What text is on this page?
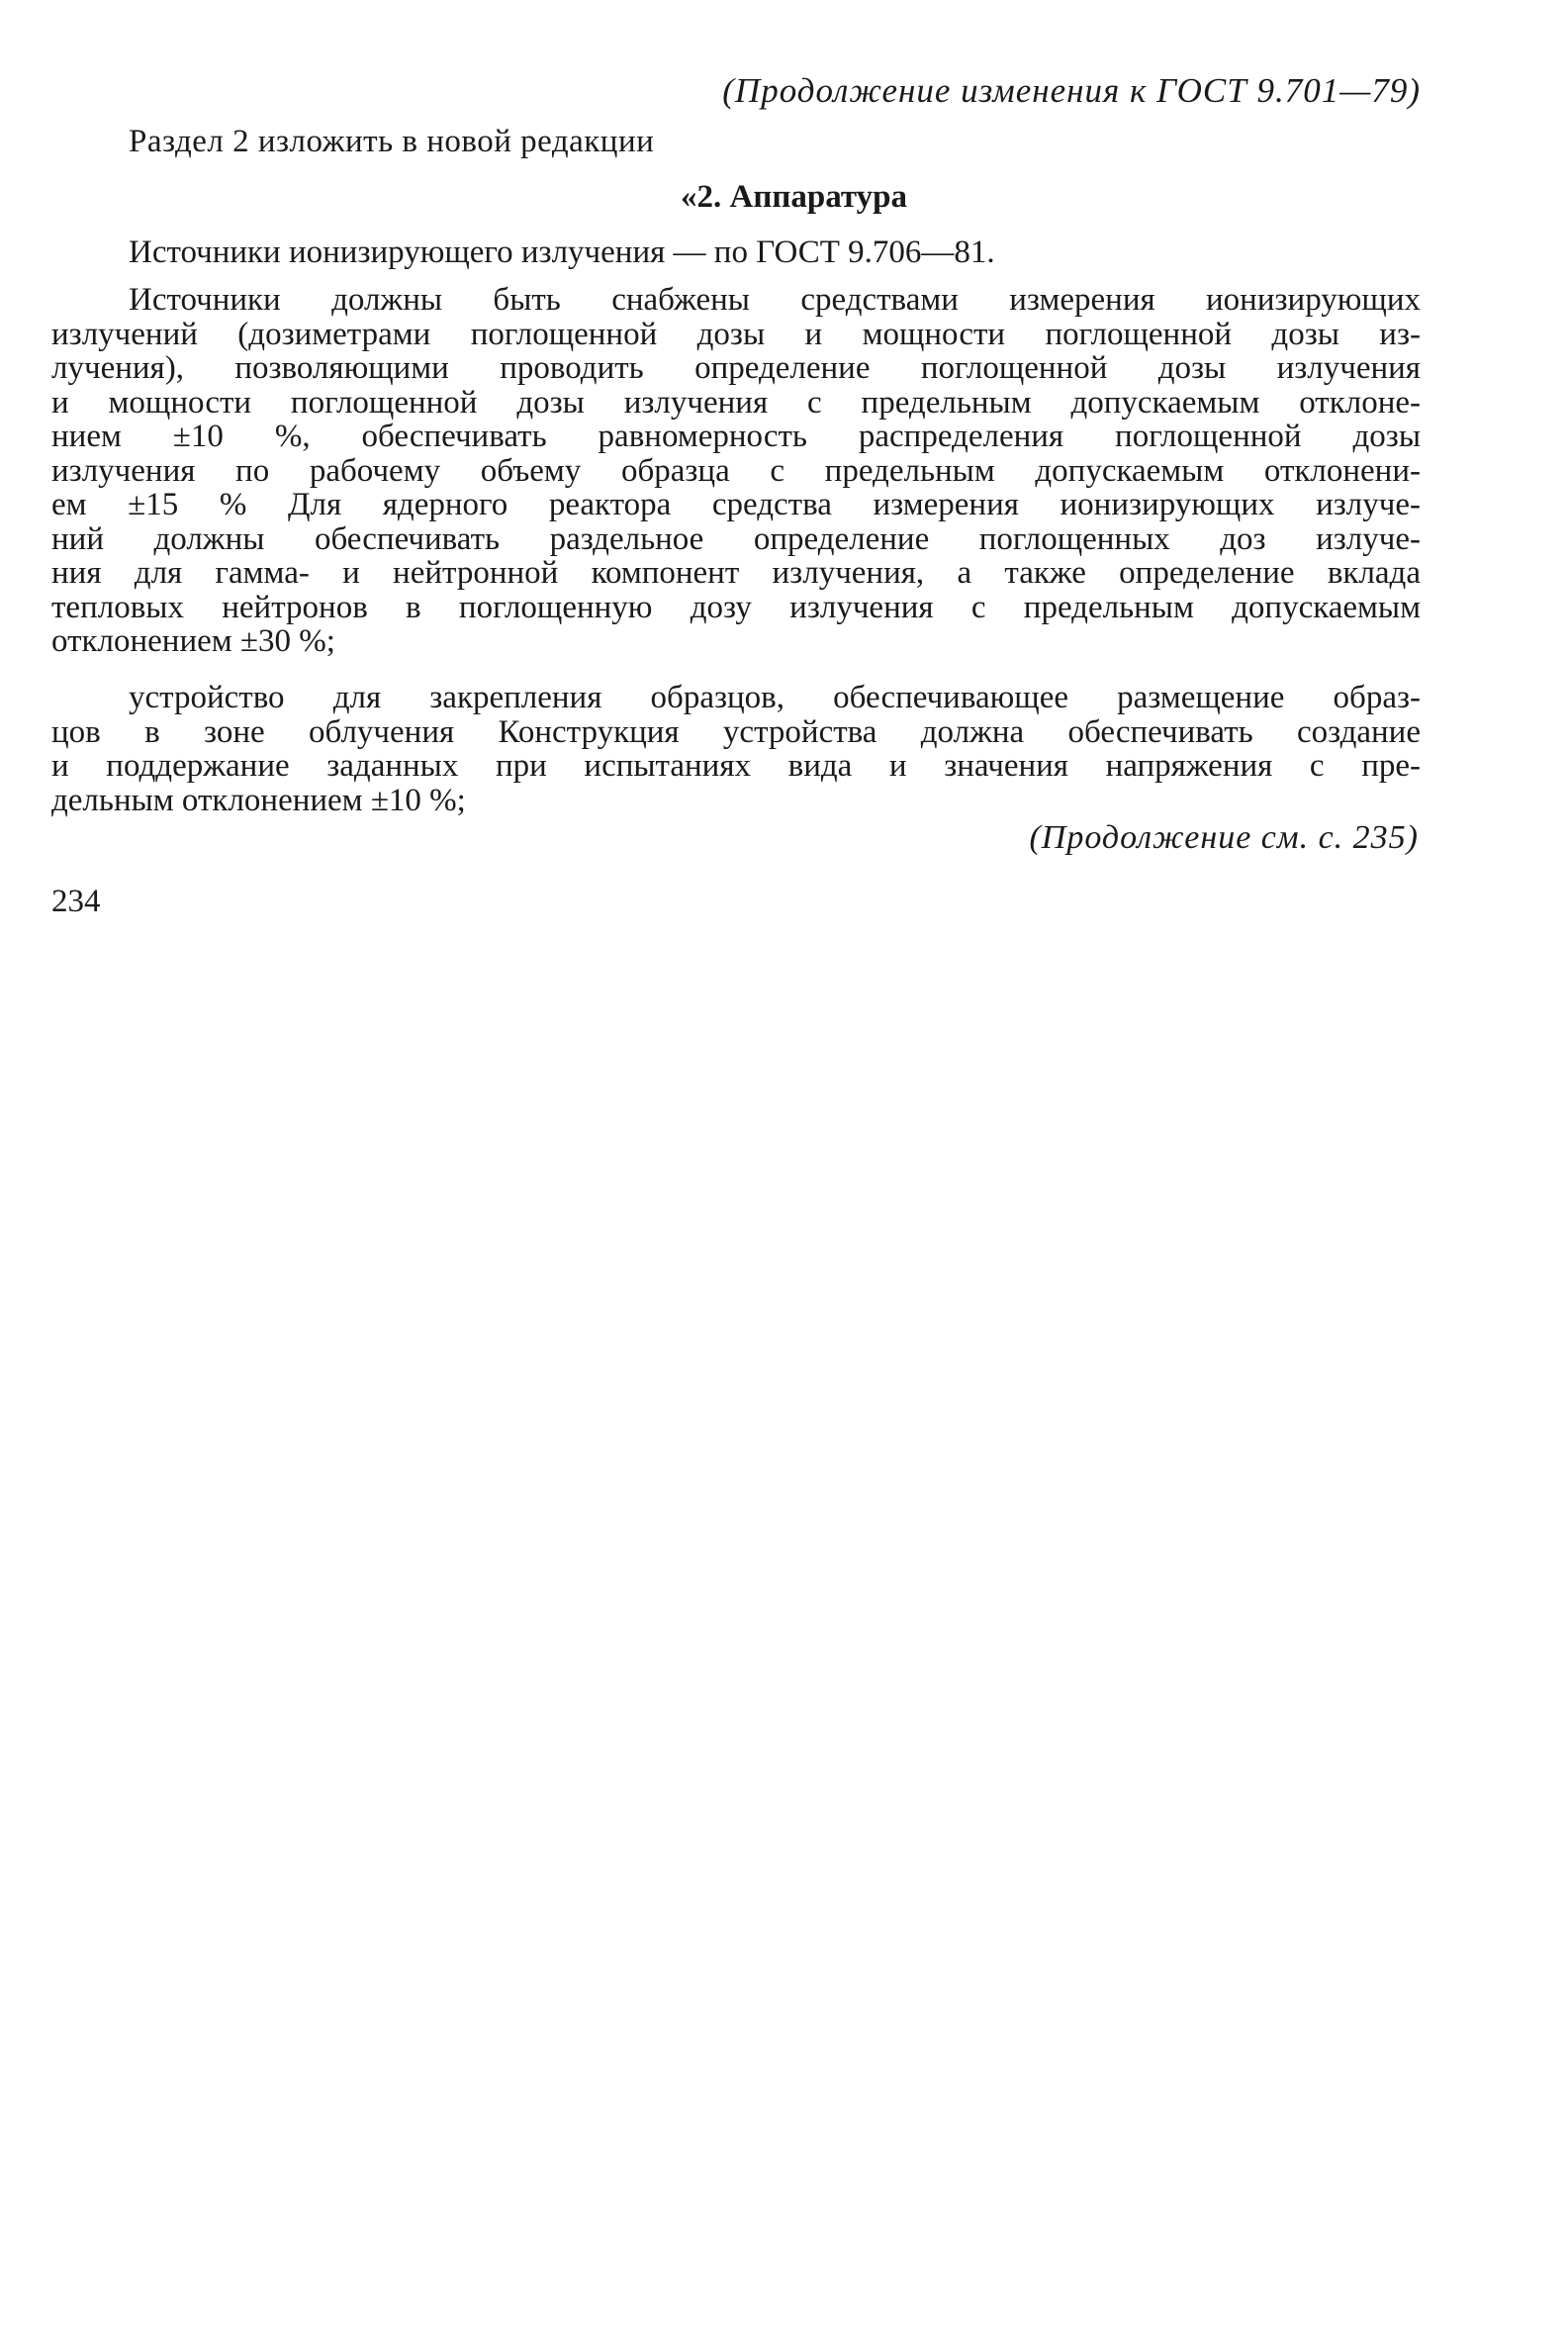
(Продолжение изменения к ГОСТ 9.701—79)
Раздел 2 изложить в новой редакции
«2. Аппаратура
Источники ионизирующего излучения — по ГОСТ 9.706—81.
Источники должны быть снабжены средствами измерения ионизирующих
излучений (дозиметрами поглощенной дозы и мощности поглощенной дозы из-
лучения), позволяющими проводить определение поглощенной дозы излучения
и мощности поглощенной дозы излучения с предельным допускаемым отклоне-
нием ±10 %, обеспечивать равномерность распределения поглощенной дозы
излучения по рабочему объему образца с предельным допускаемым отклонени-
ем ±15 % Для ядерного реактора средства измерения ионизирующих излуче-
ний должны обеспечивать раздельное определение поглощенных доз излуче-
ния для гамма- и нейтронной компонент излучения, а также определение вклада
тепловых нейтронов в поглощенную дозу излучения с предельным допускаемым
отклонением ±30 %;
устройство для закрепления образцов, обеспечивающее размещение образ-
цов в зоне облучения Конструкция устройства должна обеспечивать создание
и поддержание заданных при испытаниях вида и значения напряжения с пре-
дельным отклонением ±10 %;
(Продолжение см. с. 235)
234
